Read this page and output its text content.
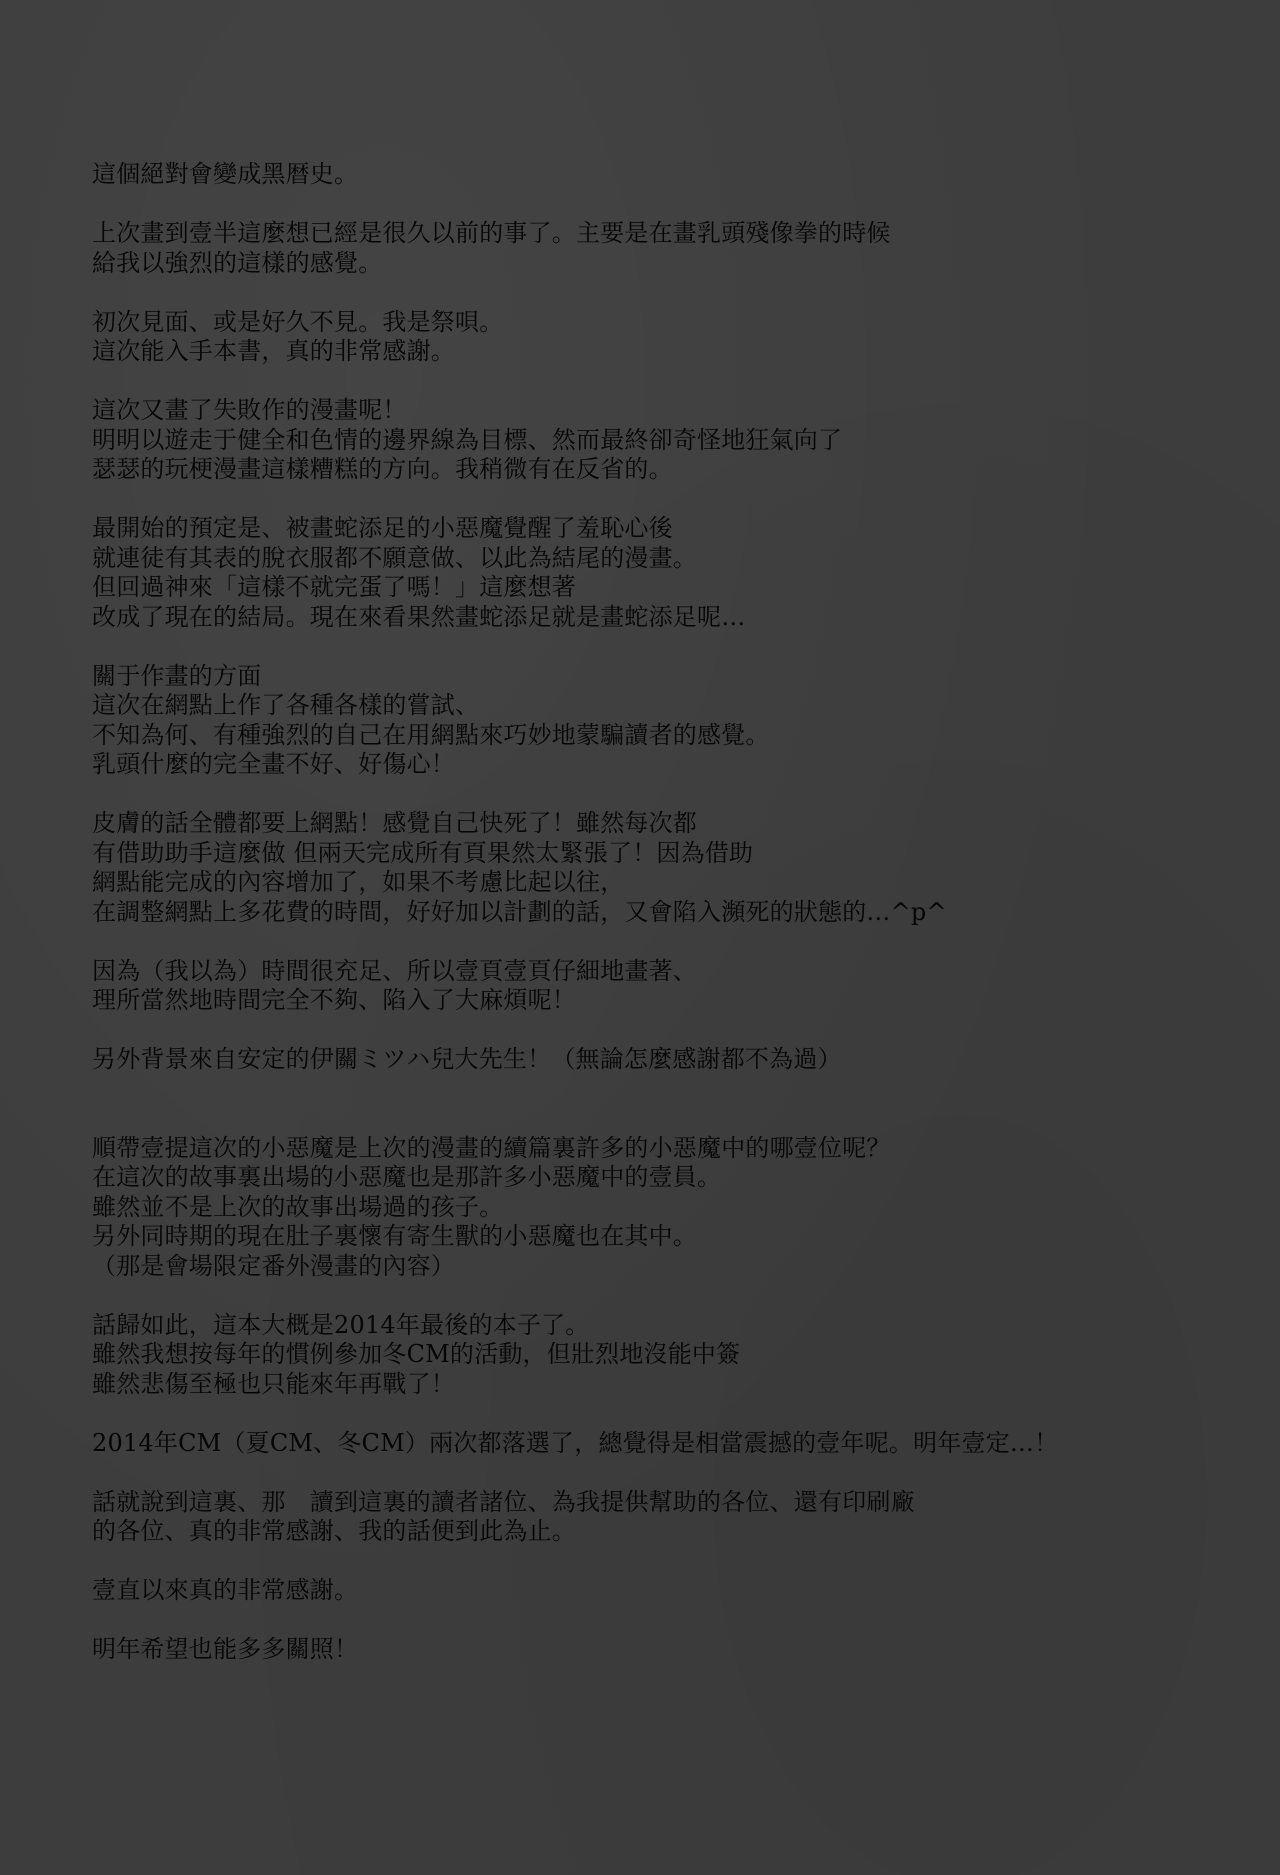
這個絕對會變成黑暦史。
上次畫到壹半這麼想已經是很久以前的事了。主要是在畫乳頭殘像拳的時候
給我以強烈的這樣的感覺。
初次見面、或是好久不見。我是祭唄。
這次能入手本書，真的非常感謝。
這次又畫了失敗作的漫畫呢！
明明以遊走于健全和色情的邊界線為目標、然而最終卻奇怪地狂氣向了
瑟瑟的玩梗漫畫這樣糟糕的方向。我稍微有在反省的。
最開始的預定是、被畫蛇添足的小惡魔覺醒了羞恥心後
就連徒有其表的脫衣服都不願意做、以此為結尾的漫畫。
但回過神來「這樣不就完蛋了嗎！」這麼想著
改成了現在的結局。現在來看果然畫蛇添足就是畫蛇添足呢…
關于作畫的方面
這次在網點上作了各種各樣的嘗試、
不知為何、有種強烈的自己在用網點來巧妙地蒙騙讀者的感覺。
乳頭什麼的完全畫不好、好傷心！
皮膚的話全體都要上網點！感覺自己快死了！雖然每次都
有借助助手這麼做 但兩天完成所有頁果然太緊張了！因為借助
網點能完成的內容增加了，如果不考慮比起以往，
在調整網點上多花費的時間，好好加以計劃的話，又會陷入瀕死的狀態的…^p^
因為（我以為）時間很充足、所以壹頁壹頁仔細地畫著、
理所當然地時間完全不夠、陷入了大麻煩呢！
另外背景來自安定的伊關ミツハ兒大先生！（無論怎麼感謝都不為過）
順帶壹提這次的小惡魔是上次的漫畫的續篇裏許多的小惡魔中的哪壹位呢？
在這次的故事裏出場的小惡魔也是那許多小惡魔中的壹員。
雖然並不是上次的故事出場過的孩子。
另外同時期的現在肚子裏懷有寄生獸的小惡魔也在其中。
（那是會場限定番外漫畫的內容）
話歸如此，這本大概是2014年最後的本子了。
雖然我想按每年的慣例參加冬CM的活動，但壯烈地沒能中簽
雖然悲傷至極也只能來年再戰了！
2014年CM（夏CM、冬CM）兩次都落選了，總覺得是相當震撼的壹年呢。明年壹定…！
話就說到這裏、那　讀到這裏的讀者諸位、為我提供幫助的各位、還有印刷廠
的各位、真的非常感謝、我的話便到此為止。
壹直以來真的非常感謝。
明年希望也能多多關照！
